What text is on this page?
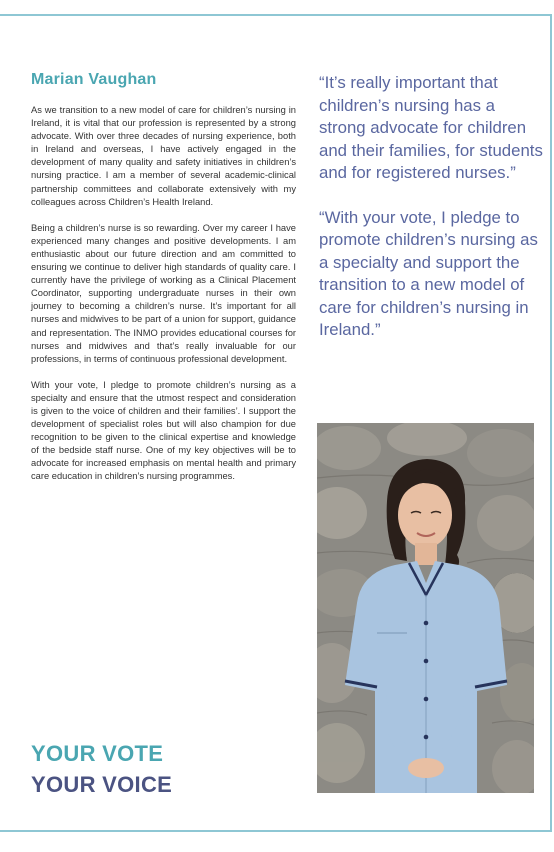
Marian Vaughan

As we transition to a new model of care for children’s nursing in Ireland, it is vital that our profession is represented by a strong advocate. With over three decades of nursing experience, both in Ireland and overseas, I have actively engaged in the development of many quality and safety initiatives in children’s nursing practice. I am a member of several academic-clinical partnership committees and collaborate extensively with my colleagues across Children’s Health Ireland.

Being a children’s nurse is so rewarding. Over my career I have experienced many changes and positive developments. I am enthusiastic about our future direction and am committed to ensuring we continue to deliver high standards of quality care. I currently have the privilege of working as a Clinical Placement Coordinator, supporting undergraduate nurses in their own journey to becoming a children’s nurse. It’s important for all nurses and midwives to be part of a union for support, guidance and representation. The INMO provides educational courses for nurses and midwives and that’s really invaluable for our professions, in terms of continuous professional development.

With your vote, I pledge to promote children’s nursing as a specialty and ensure that the utmost respect and consideration is given to the voice of children and their families’. I support the development of specialist roles but will also champion for due recognition to be given to the clinical expertise and knowledge of the bedside staff nurse. One of my key objectives will be to advocate for increased emphasis on mental health and primary care education in children’s nursing programmes.

YOUR VOTE
YOUR VOICE

“It’s really important that children’s nursing has a strong advocate for children and their families, for students and for registered nurses.”

“With your vote, I pledge to promote children’s nursing as a specialty and support the transition to a new model of care for children’s nursing in Ireland.”
